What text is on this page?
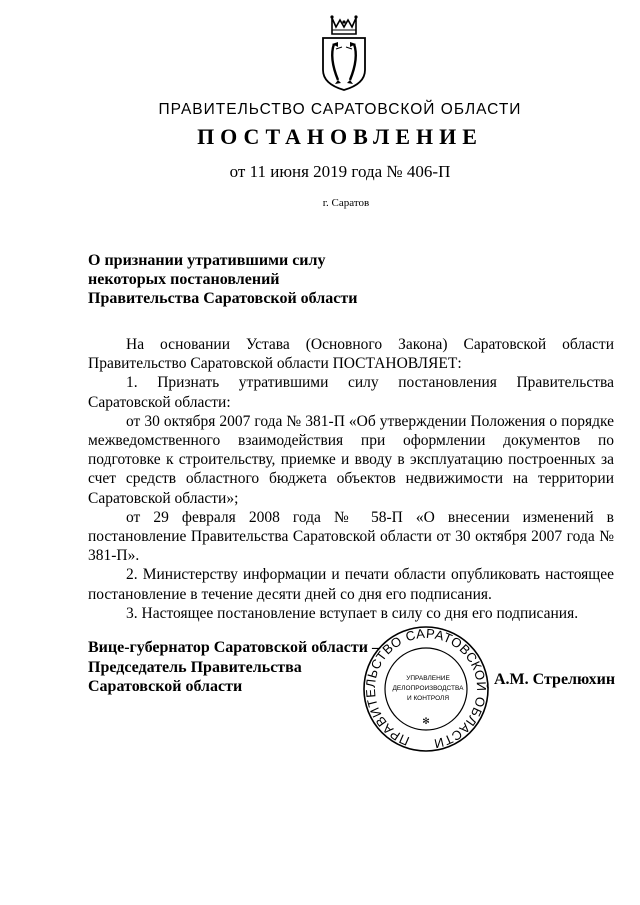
ПРАВИТЕЛЬСТВО САРАТОВСКОЙ ОБЛАСТИ
ПОСТАНОВЛЕНИЕ
от 11 июня 2019 года № 406-П
г. Саратов
О признании утратившими силу
некоторых постановлений
Правительства Саратовской области

На основании Устава (Основного Закона) Саратовской области Правительство Саратовской области ПОСТАНОВЛЯЕТ:

1. Признать утратившими силу постановления Правительства Саратовской области:

от 30 октября 2007 года № 381-П «Об утверждении Положения о порядке межведомственного взаимодействия при оформлении документов по подготовке к строительству, приемке и вводу в эксплуатацию построенных за счет средств областного бюджета объектов недвижимости на территории Саратовской области»;

от 29 февраля 2008 года № 58-П «О внесении изменений в постановление Правительства Саратовской области от 30 октября 2007 года № 381-П».

2. Министерству информации и печати области опубликовать настоящее постановление в течение десяти дней со дня его подписания.

3. Настоящее постановление вступает в силу со дня его подписания.

Вице-губернатор Саратовской области –
Председатель Правительства
Саратовской области
ПРАВИТЕЛЬСТВО САРАТОВСКОЙ ОБЛАСТИ
УПРАВЛЕНИЕ
ДЕЛОПРОИЗВОДСТВА
И КОНТРОЛЯ
✻
А.М. Стрелюхин
